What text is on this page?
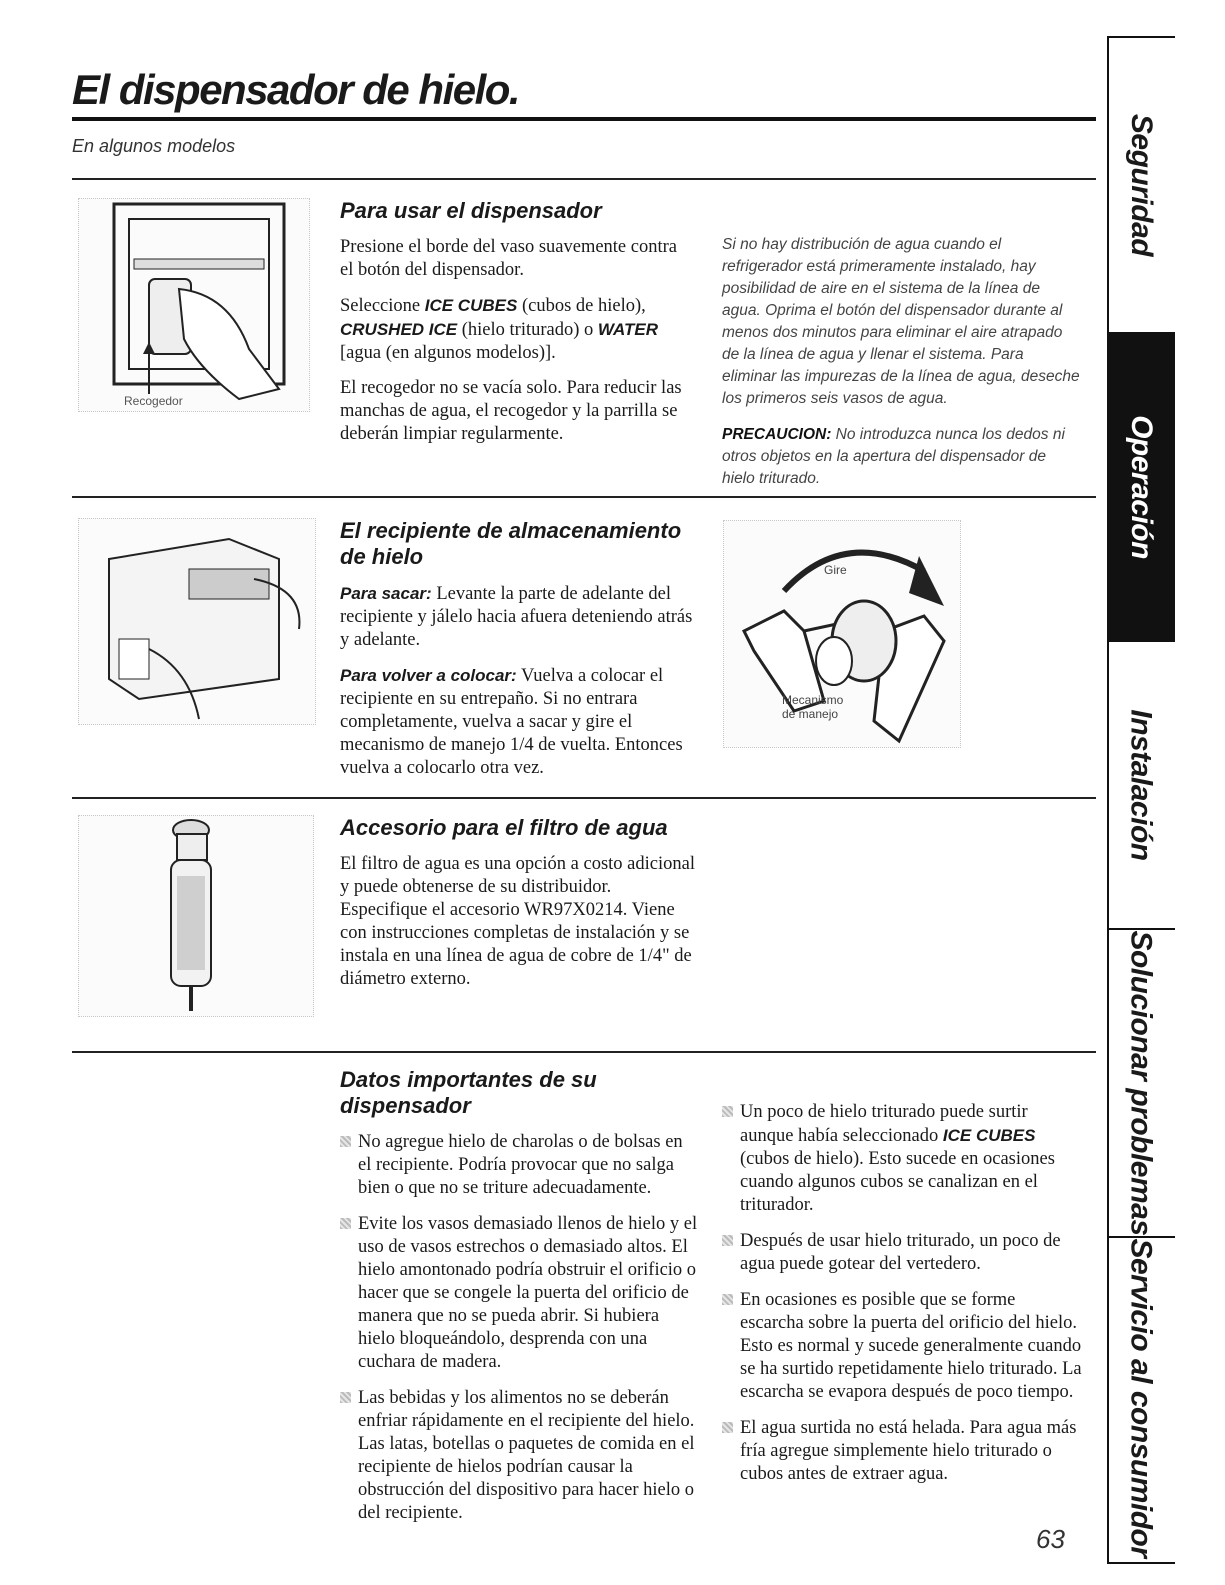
El dispensador de hielo.
En algunos modelos
Recogedor
Para usar el dispensador

Presione el borde del vaso suavemente contra el botón del dispensador.

Seleccione ICE CUBES (cubos de hielo), CRUSHED ICE (hielo triturado) o WATER [agua (en algunos modelos)].

El recogedor no se vacía solo. Para reducir las manchas de agua, el recogedor y la parrilla se deberán limpiar regularmente.

Si no hay distribución de agua cuando el refrigerador está primeramente instalado, hay posibilidad de aire en el sistema de la línea de agua. Oprima el botón del dispensador durante al menos dos minutos para eliminar el aire atrapado de la línea de agua y llenar el sistema. Para eliminar las impurezas de la línea de agua, deseche los primeros seis vasos de agua.

PRECAUCION: No introduzca nunca los dedos ni otros objetos en la apertura del dispensador de hielo triturado.

El recipiente de almacenamiento de hielo

Para sacar: Levante la parte de adelante del recipiente y jálelo hacia afuera deteniendo atrás y adelante.

Para volver a colocar: Vuelva a colocar el recipiente en su entrepaño. Si no entrara completamente, vuelva a sacar y gire el mecanismo de manejo 1/4 de vuelta. Entonces vuelva a colocarlo otra vez.

Gire
Mecanismo
de manejo
Accesorio para el filtro de agua

El filtro de agua es una opción a costo adicional y puede obtenerse de su distribuidor. Especifique el accesorio WR97X0214. Viene con instrucciones completas de instalación y se instala en una línea de agua de cobre de 1/4" de diámetro externo.

Datos importantes de su dispensador
No agregue hielo de charolas o de bolsas en el recipiente. Podría provocar que no salga bien o que no se triture adecuadamente.
Evite los vasos demasiado llenos de hielo y el uso de vasos estrechos o demasiado altos. El hielo amontonado podría obstruir el orificio o hacer que se congele la puerta del orificio de manera que no se pueda abrir. Si hubiera hielo bloqueándolo, desprenda con una cuchara de madera.
Las bebidas y los alimentos no se deberán enfriar rápidamente en el recipiente del hielo. Las latas, botellas o paquetes de comida en el recipiente de hielos podrían causar la obstrucción del dispositivo para hacer hielo o del recipiente.
Un poco de hielo triturado puede surtir aunque había seleccionado ICE CUBES (cubos de hielo). Esto sucede en ocasiones cuando algunos cubos se canalizan en el triturador.
Después de usar hielo triturado, un poco de agua puede gotear del vertedero.
En ocasiones es posible que se forme escarcha sobre la puerta del orificio del hielo. Esto es normal y sucede generalmente cuando se ha surtido repetidamente hielo triturado. La escarcha se evapora después de poco tiempo.
El agua surtida no está helada. Para agua más fría agregue simplemente hielo triturado o cubos antes de extraer agua.
63
Seguridad
Operación
Instalación
Solucionar problemas
Servicio al consumidor
